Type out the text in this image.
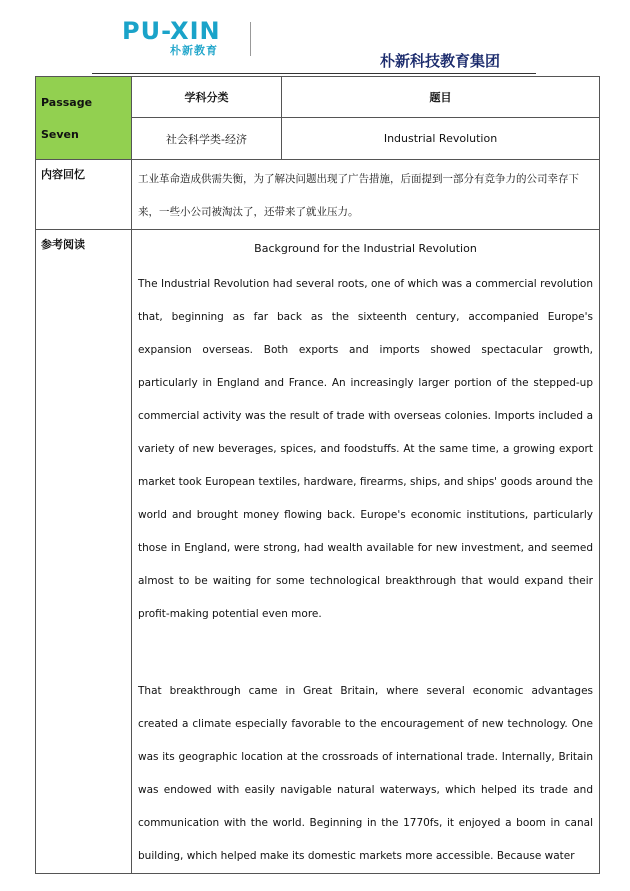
PU-XIN
朴新教育
朴新科技教育集团
Passage
Seven	学科分类	题目
	社会科学类-经济	Industrial Revolution
内容回忆	工业革命造成供需失衡，为了解决问题出现了广告措施，后面提到一部分有竞争力的公司幸存下来，一些小公司被淘汰了，还带来了就业压力。	
参考阅读	Background for the Industrial Revolution

The Industrial Revolution had several roots, one of which was a commercial revolution that, beginning as far back as the sixteenth century, accompanied Europe's expansion overseas. Both exports and imports showed spectacular growth, particularly in England and France. An increasingly larger portion of the stepped-up commercial activity was the result of trade with overseas colonies. Imports included a variety of new beverages, spices, and foodstuffs. At the same time, a growing export market took European textiles, hardware, firearms, ships, and ships' goods around the world and brought money flowing back. Europe's economic institutions, particularly those in England, were strong, had wealth available for new investment, and seemed almost to be waiting for some technological breakthrough that would expand their profit-making potential even more.

That breakthrough came in Great Britain, where several economic advantages created a climate especially favorable to the encouragement of new technology. One was its geographic location at the crossroads of international trade. Internally, Britain was endowed with easily navigable natural waterways, which helped its trade and communication with the world. Beginning in the 1770fs, it enjoyed a boom in canal building, which helped make its domestic markets more accessible. Because water	
